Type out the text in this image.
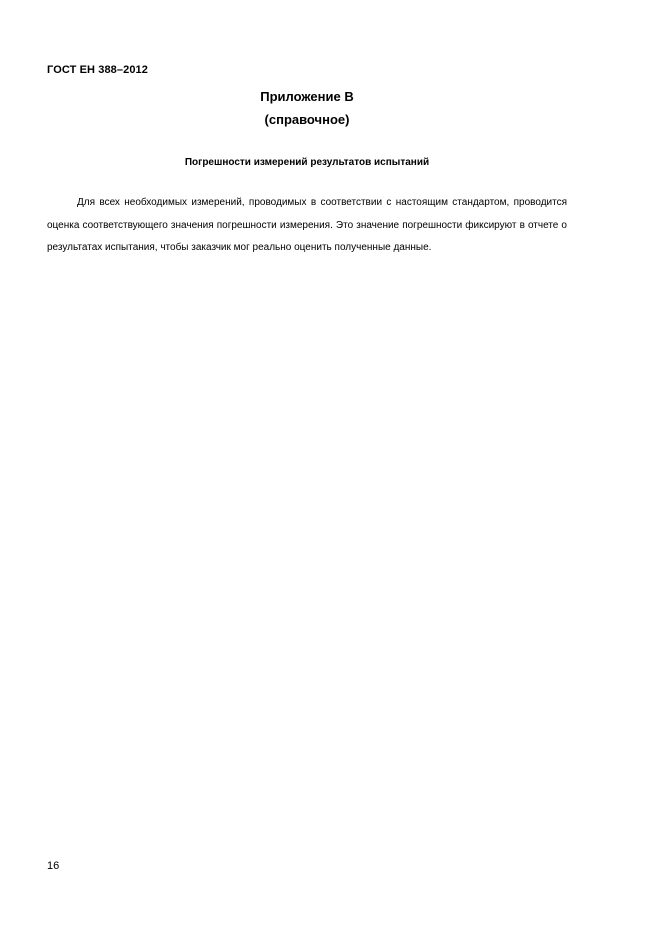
ГОСТ ЕН 388–2012
Приложение В
(справочное)
Погрешности измерений результатов испытаний

Для всех необходимых измерений, проводимых в соответствии с настоящим стандартом, проводится оценка соответствующего значения погрешности измерения. Это значение погрешности фиксируют в отчете о результатах испытания, чтобы заказчик мог реально оценить полученные данные.

16
